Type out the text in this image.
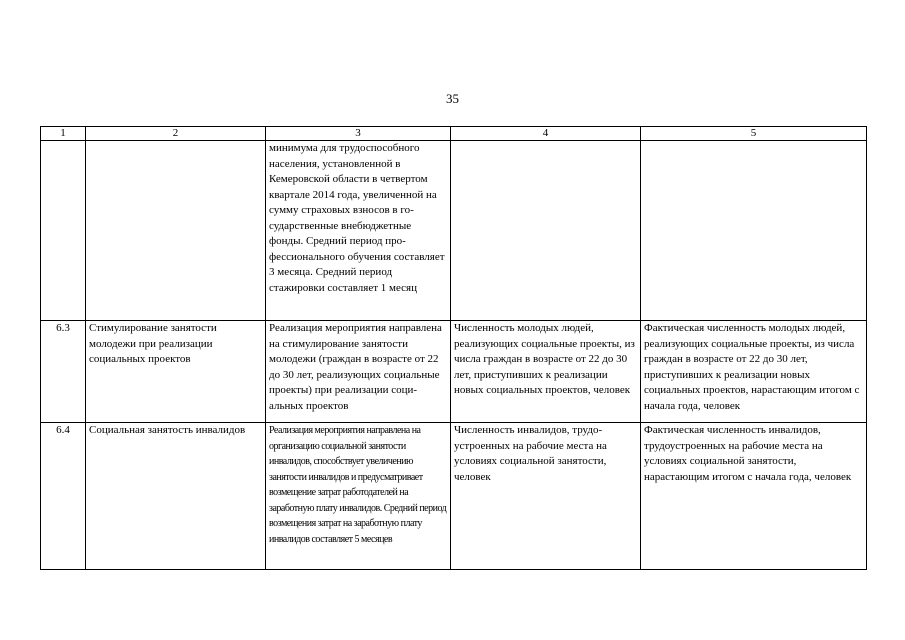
35
1	2	3	4	5
		минимума для трудоспособного населения, установленной в Кемеровской области в четвертом квартале 2014 года, увеличенной на сумму страховых взносов в государственные внебюджетные фонды. Средний период профессионального обучения составляет 3 месяца. Средний период стажировки составляет 1 месяц		
6.3	Стимулирование занятости молодежи при реализации социальных проектов	Реализация мероприятия направлена на стимулирование занятости молодежи (граждан в возрасте от 22 до 30 лет, реализующих социальные проекты) при реализации социальных проектов	Численность молодых людей, реализующих социальные проекты, из числа граждан в возрасте от 22 до 30 лет, приступивших к реализации новых социальных проектов, человек	Фактическая численность молодых людей, реализующих социальные проекты, из числа граждан в возрасте от 22 до 30 лет, приступивших к реализации новых социальных проектов, нарастающим итогом с начала года, человек
6.4	Социальная занятость инвалидов	Реализация мероприятия направлена на организацию социальной занятости инвалидов, способствует увеличению занятости инвалидов и предусматривает возмещение затрат работодателей на заработную плату инвалидов. Средний период возмещения затрат на заработную плату инвалидов составляет 5 месяцев	Численность инвалидов, трудоустроенных на рабочие места на условиях социальной занятости, человек	Фактическая численность инвалидов, трудоустроенных на рабочие места на условиях социальной занятости, нарастающим итогом с начала года, человек
